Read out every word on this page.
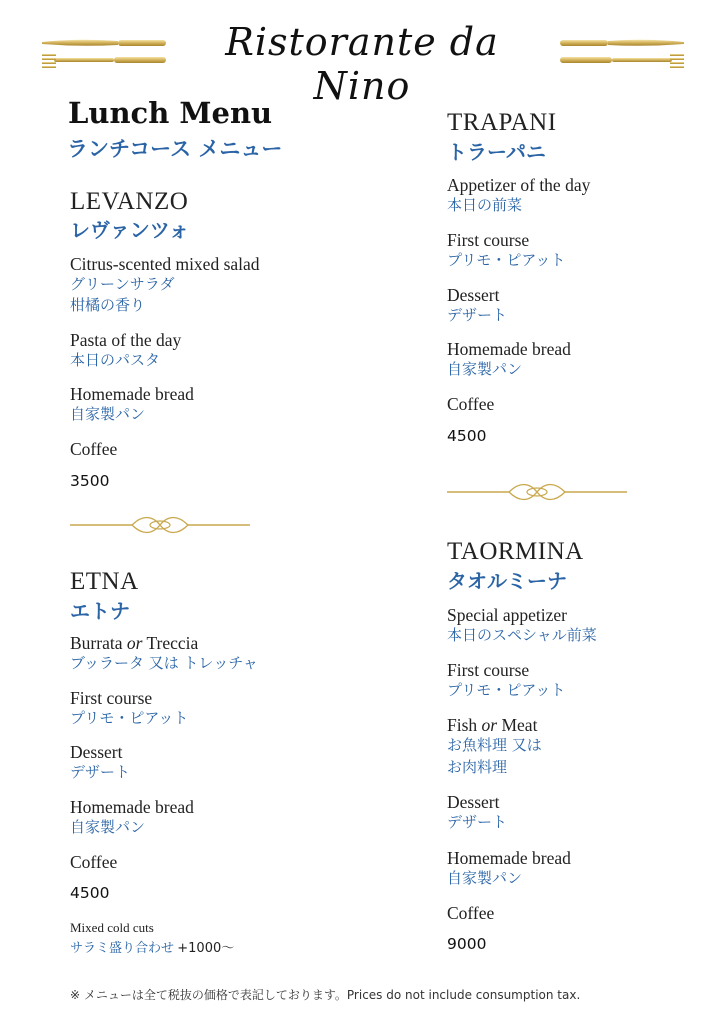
Ristorante da Nino
Lunch Menu
ランチコース メニュー
LEVANZO
レヴァンツォ
Citrus-scented mixed salad
グリーンサラダ
柑橘の香り
Pasta of the day
本日のパスタ
Homemade bread
自家製パン
Coffee
3500
ETNA
エトナ
Burrata or Treccia
ブッラータ 又は トレッチャ
First course
プリモ・ピアット
Dessert
デザート
Homemade bread
自家製パン
Coffee
4500
Mixed cold cuts
サラミ盛り合わせ +1000〜
TRAPANI
トラーパニ
Appetizer of the day
本日の前菜
First course
プリモ・ピアット
Dessert
デザート
Homemade bread
自家製パン
Coffee
4500
TAORMINA
タオルミーナ
Special appetizer
本日のスペシャル前菜
First course
プリモ・ピアット
Fish or Meat
お魚料理 又は
お肉料理
Dessert
デザート
Homemade bread
自家製パン
Coffee
9000
※ メニューは全て税抜の価格で表記しております。Prices do not include consumption tax.
